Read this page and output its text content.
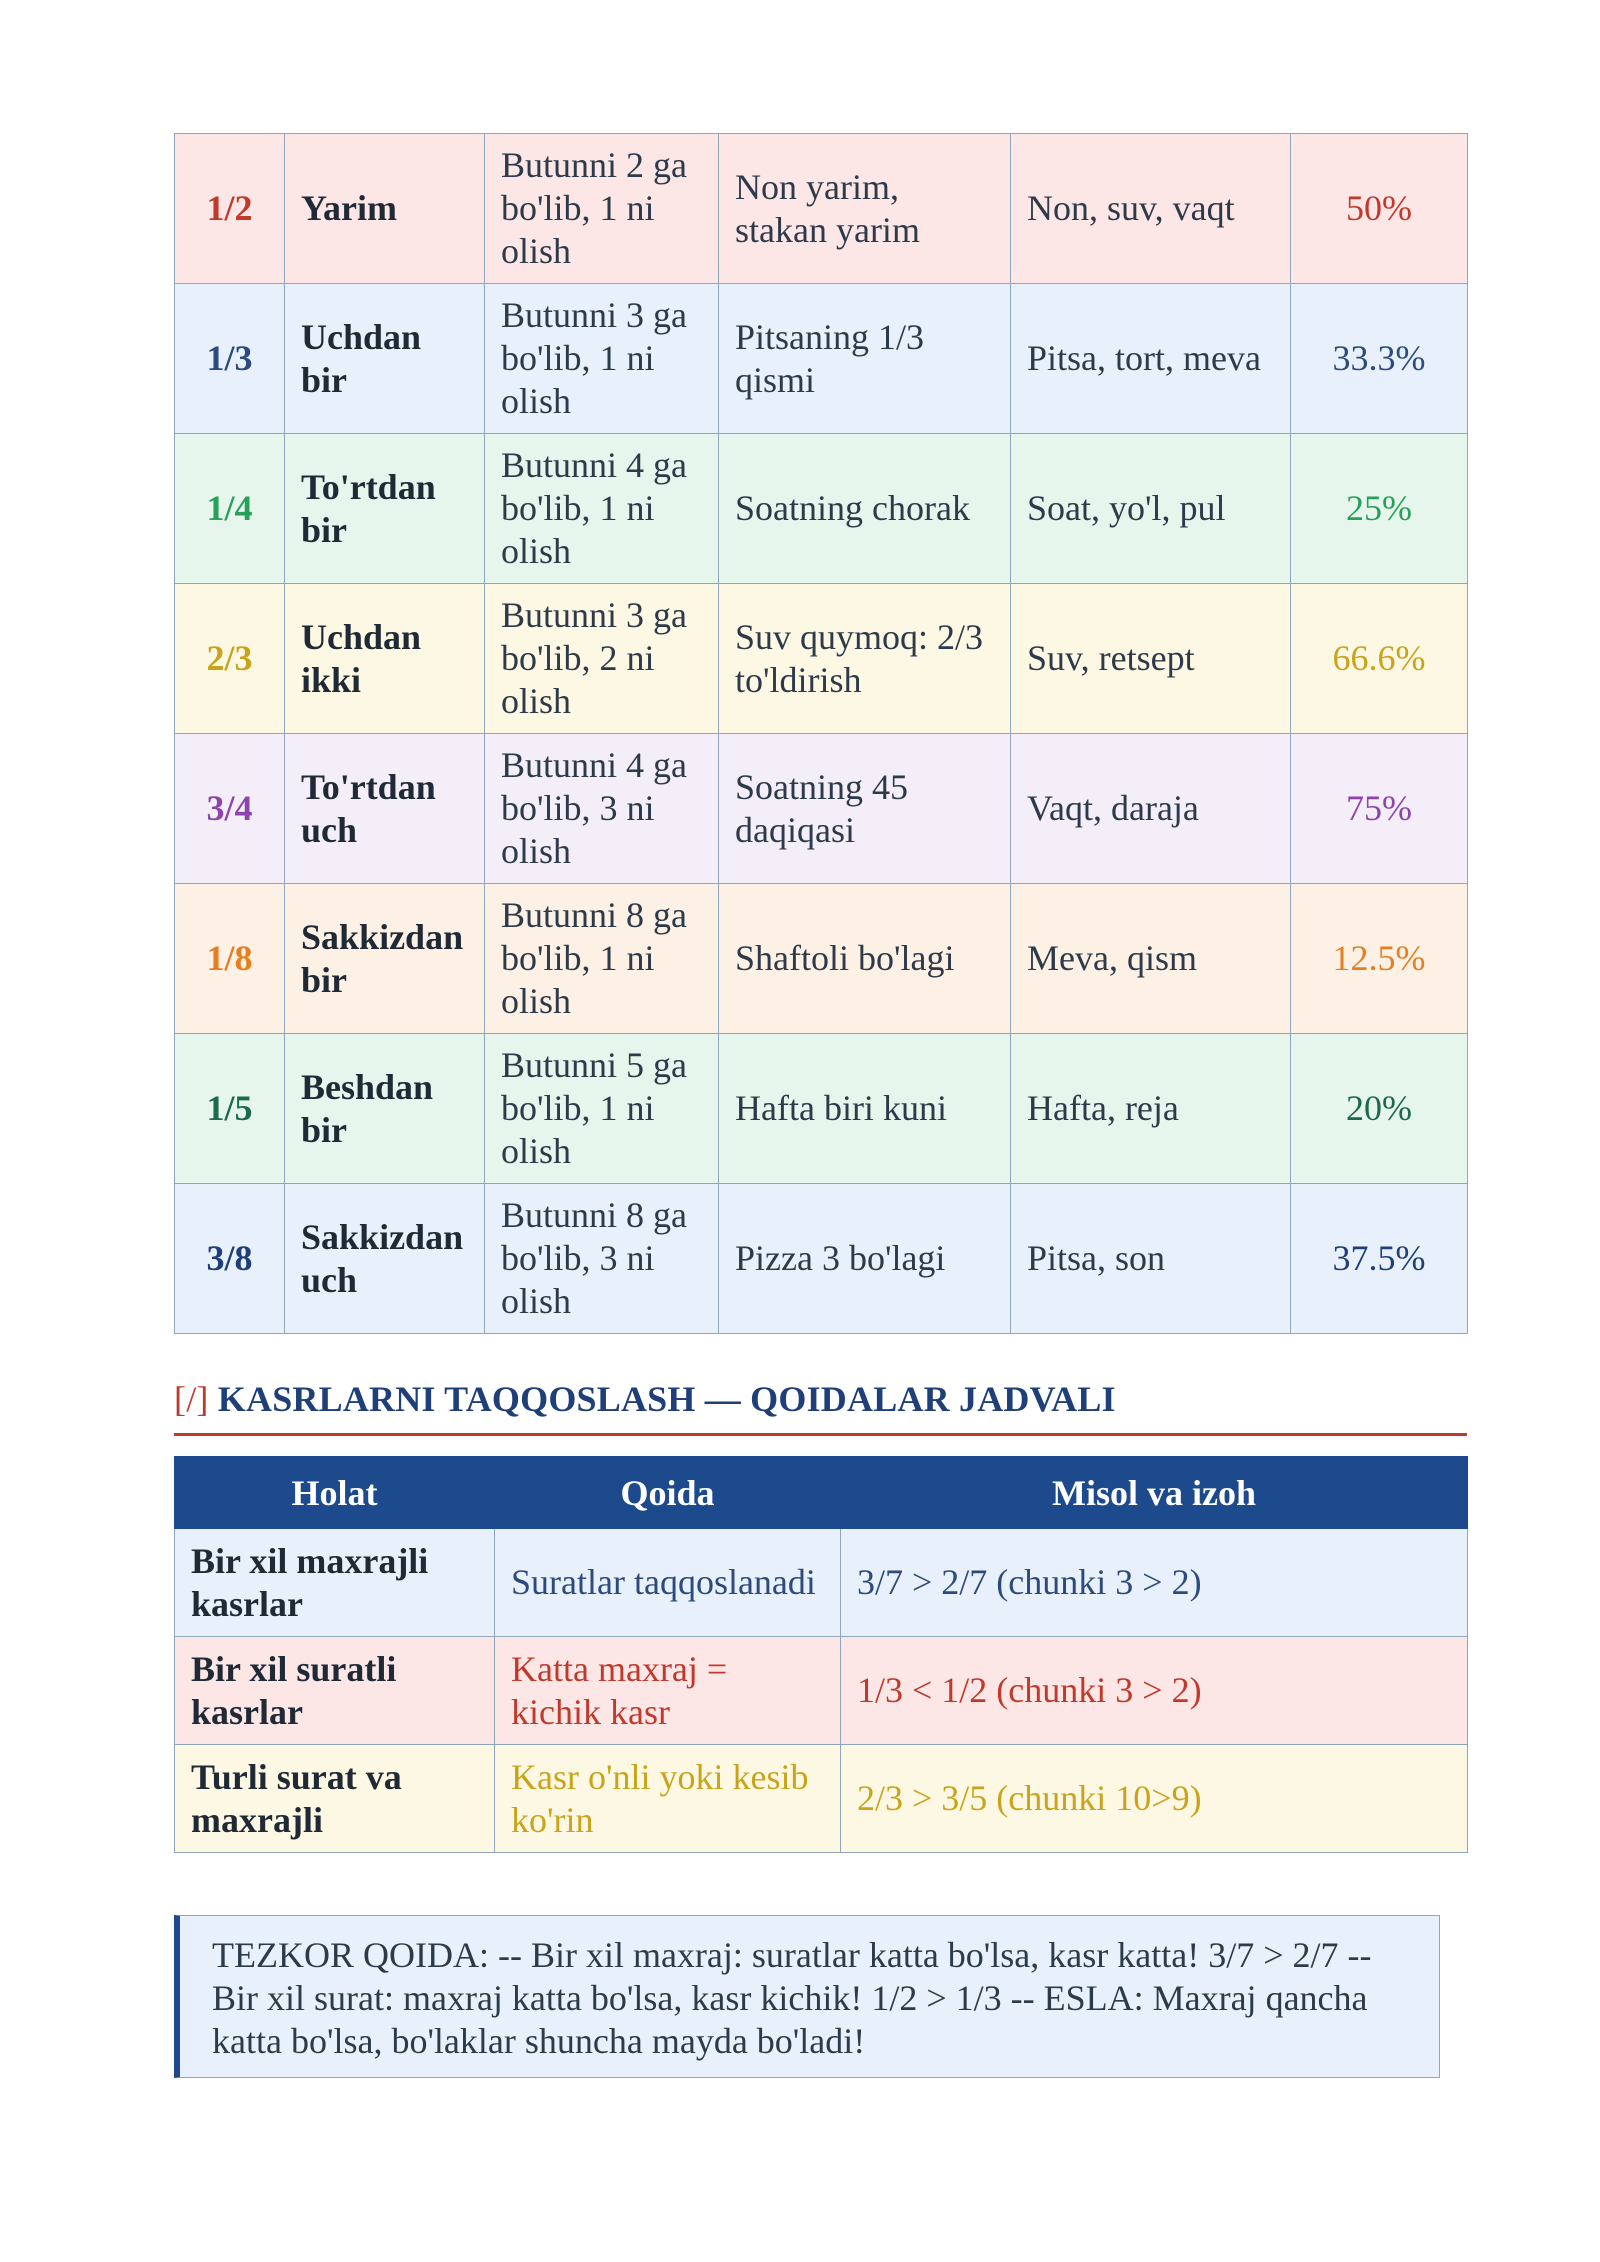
1/2	Yarim	Butunni 2 ga bo'lib, 1 ni olish	Non yarim, stakan yarim	Non, suv, vaqt	50%
1/3	Uchdan bir	Butunni 3 ga bo'lib, 1 ni olish	Pitsaning 1/3 qismi	Pitsa, tort, meva	33.3%
1/4	To'rtdan bir	Butunni 4 ga bo'lib, 1 ni olish	Soatning chorak	Soat, yo'l, pul	25%
2/3	Uchdan ikki	Butunni 3 ga bo'lib, 2 ni olish	Suv quymoq: 2/3 to'ldirish	Suv, retsept	66.6%
3/4	To'rtdan uch	Butunni 4 ga bo'lib, 3 ni olish	Soatning 45 daqiqasi	Vaqt, daraja	75%
1/8	Sakkizdan bir	Butunni 8 ga bo'lib, 1 ni olish	Shaftoli bo'lagi	Meva, qism	12.5%
1/5	Beshdan bir	Butunni 5 ga bo'lib, 1 ni olish	Hafta biri kuni	Hafta, reja	20%
3/8	Sakkizdan uch	Butunni 8 ga bo'lib, 3 ni olish	Pizza 3 bo'lagi	Pitsa, son	37.5%
[/] KASRLARNI TAQQOSLASH — QOIDALAR JADVALI
Holat	Qoida	Misol va izoh
Bir xil maxrajli kasrlar	Suratlar taqqoslanadi	3/7 > 2/7 (chunki 3 > 2)
Bir xil suratli kasrlar	Katta maxraj = kichik kasr	1/3 < 1/2 (chunki 3 > 2)
Turli surat va maxrajli	Kasr o'nli yoki kesib ko'rin	2/3 > 3/5 (chunki 10>9)
TEZKOR QOIDA: -- Bir xil maxraj: suratlar katta bo'lsa, kasr katta! 3/7 > 2/7 -- Bir xil surat: maxraj katta bo'lsa, kasr kichik! 1/2 > 1/3 -- ESLA: Maxraj qancha katta bo'lsa, bo'laklar shuncha mayda bo'ladi!
